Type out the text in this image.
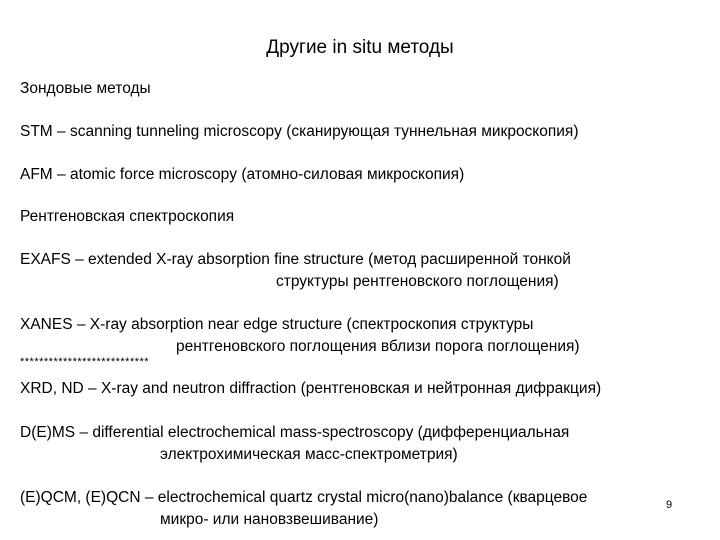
Другие in situ методы
Зондовые методы
STM – scanning tunneling microscopy (сканирующая туннельная микроскопия)
AFM – atomic force microscopy (атомно-силовая микроскопия)
Рентгеновская спектроскопия
EXAFS – extended X-ray absorption fine structure (метод расширенной тонкой
структуры рентгеновского поглощения)
XANES – X-ray absorption near edge structure (спектроскопия структуры
рентгеновского поглощения вблизи порога поглощения)
***************************
XRD, ND – X-ray and neutron diffraction (рентгеновская и нейтронная дифракция)
D(E)MS – differential electrochemical mass-spectroscopy (дифференциальная
электрохимическая масс-спектрометрия)
(E)QCM, (E)QCN – electrochemical quartz crystal micro(nano)balance (кварцевое
микро- или нановзвешивание)
9
